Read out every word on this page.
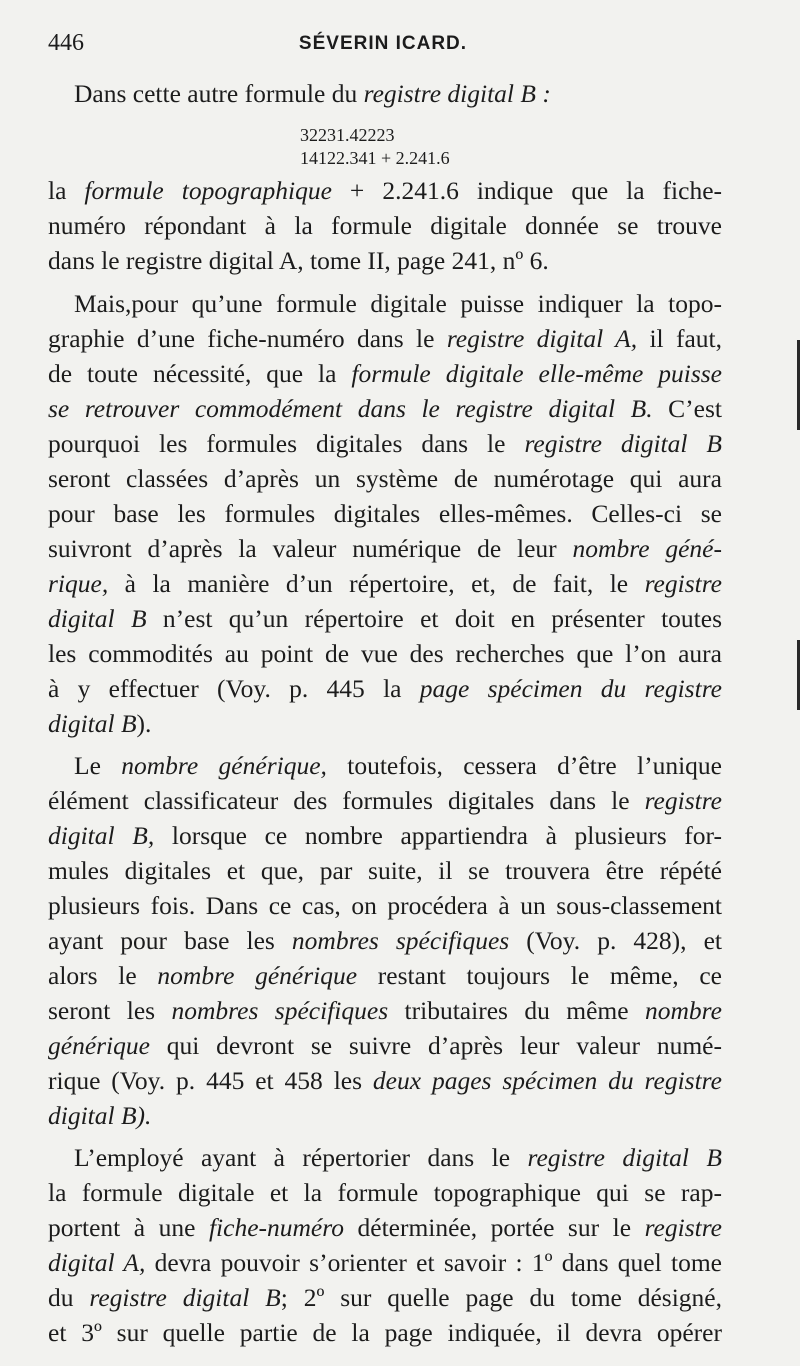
446	SÉVERIN ICARD.
Dans cette autre formule du registre digital B :
32231.42223
14122.341 + 2.241.6
la formule topographique + 2.241.6 indique que la fiche-
numéro répondant à la formule digitale donnée se trouve
dans le registre digital A, tome II, page 241, nº 6.
Mais,pour qu’une formule digitale puisse indiquer la topo-
graphie d’une fiche-numéro dans le registre digital A, il faut,
de toute nécessité, que la formule digitale elle-même puisse
se retrouver commodément dans le registre digital B. C’est
pourquoi les formules digitales dans le registre digital B
seront classées d’après un système de numérotage qui aura
pour base les formules digitales elles-mêmes. Celles-ci se
suivront d’après la valeur numérique de leur nombre géné-
rique, à la manière d’un répertoire, et, de fait, le registre
digital B n’est qu’un répertoire et doit en présenter toutes
les commodités au point de vue des recherches que l’on aura
à y effectuer (Voy. p. 445 la page spécimen du registre
digital B).
Le nombre générique, toutefois, cessera d’être l’unique
élément classificateur des formules digitales dans le registre
digital B, lorsque ce nombre appartiendra à plusieurs for-
mules digitales et que, par suite, il se trouvera être répété
plusieurs fois. Dans ce cas, on procédera à un sous-classement
ayant pour base les nombres spécifiques (Voy. p. 428), et
alors le nombre générique restant toujours le même, ce
seront les nombres spécifiques tributaires du même nombre
générique qui devront se suivre d’après leur valeur numé-
rique (Voy. p. 445 et 458 les deux pages spécimen du registre
digital B).
L’employé ayant à répertorier dans le registre digital B
la formule digitale et la formule topographique qui se rap-
portent à une fiche-numéro déterminée, portée sur le registre
digital A, devra pouvoir s’orienter et savoir : 1º dans quel tome
du registre digital B; 2º sur quelle page du tome désigné,
et 3º sur quelle partie de la page indiquée, il devra opérer
